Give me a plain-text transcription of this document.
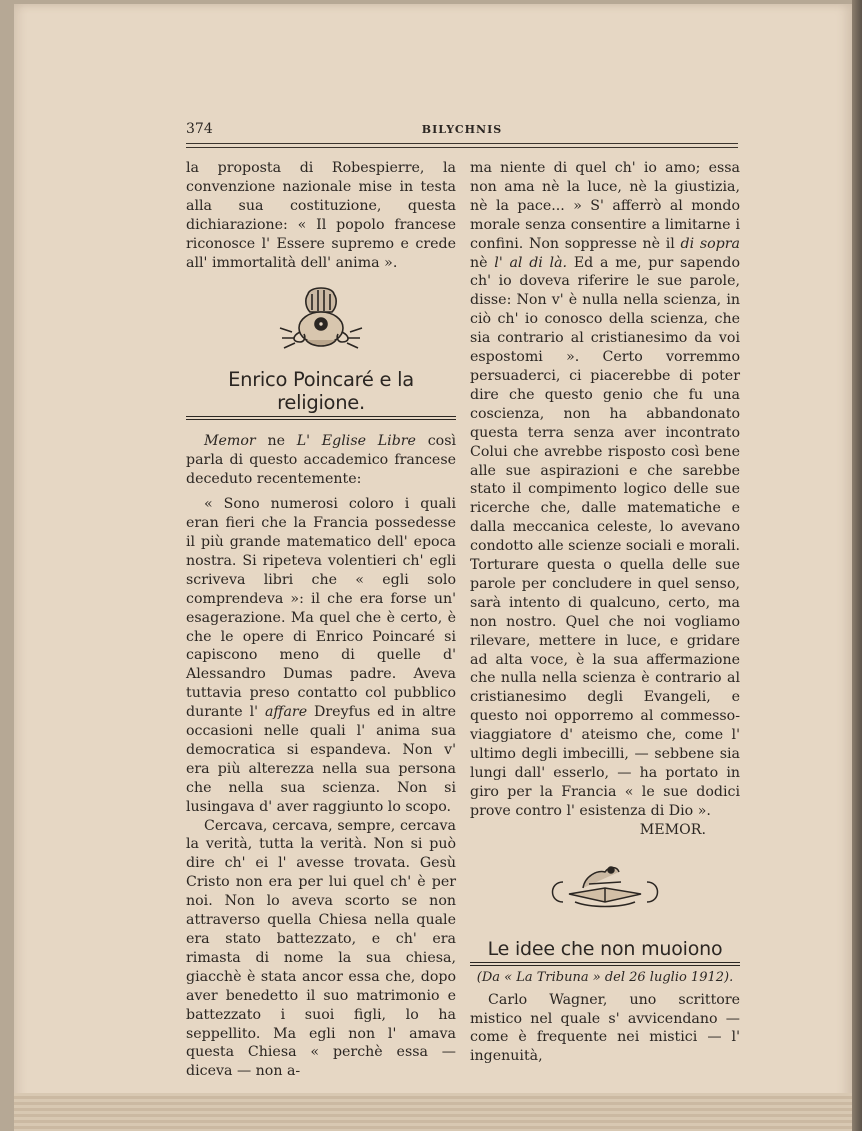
374	BILYCHNIS

la proposta di Robespierre, la convenzione nazionale mise in testa alla sua costituzione, questa dichiarazione: « Il popolo francese riconosce l' Essere supremo e crede all' immortalità dell' anima ».

Enrico Poincaré e la religione.

Memor ne L' Eglise Libre così parla di questo accademico francese deceduto recentemente:

« Sono numerosi coloro i quali eran fieri che la Francia possedesse il più grande matematico dell' epoca nostra. Si ripeteva volentieri ch' egli scriveva libri che « egli solo comprendeva »: il che era forse un' esagerazione. Ma quel che è certo, è che le opere di Enrico Poincaré si capiscono meno di quelle d' Alessandro Dumas padre. Aveva tuttavia preso contatto col pubblico durante l' affare Dreyfus ed in altre occasioni nelle quali l' anima sua democratica si espandeva. Non v' era più alterezza nella sua persona che nella sua scienza. Non si lusingava d' aver raggiunto lo scopo.

Cercava, cercava, sempre, cercava la verità, tutta la verità. Non si può dire ch' ei l' avesse trovata. Gesù Cristo non era per lui quel ch' è per noi. Non lo aveva scorto se non attraverso quella Chiesa nella quale era stato battezzato, e ch' era rimasta di nome la sua chiesa, giacchè è stata ancor essa che, dopo aver benedetto il suo matrimonio e battezzato i suoi figli, lo ha seppellito. Ma egli non l' amava questa Chiesa « perchè essa — diceva — non a-

ma niente di quel ch' io amo; essa non ama nè la luce, nè la giustizia, nè la pace... » S' afferrò al mondo morale senza consentire a limitarne i confini. Non soppresse nè il di sopra nè l' al di là. Ed a me, pur sapendo ch' io doveva riferire le sue parole, disse: Non v' è nulla nella scienza, in ciò ch' io conosco della scienza, che sia contrario al cristianesimo da voi espostomi ». Certo vorremmo persuaderci, ci piacerebbe di poter dire che questo genio che fu una coscienza, non ha abbandonato questa terra senza aver incontrato Colui che avrebbe risposto così bene alle sue aspirazioni e che sarebbe stato il compimento logico delle sue ricerche che, dalle matematiche e dalla meccanica celeste, lo avevano condotto alle scienze sociali e morali. Torturare questa o quella delle sue parole per concludere in quel senso, sarà intento di qualcuno, certo, ma non nostro. Quel che noi vogliamo rilevare, mettere in luce, e gridare ad alta voce, è la sua affermazione che nulla nella scienza è contrario al cristianesimo degli Evangeli, e questo noi opporremo al commesso-viaggiatore d' ateismo che, come l' ultimo degli imbecilli, — sebbene sia lungi dall' esserlo, — ha portato in giro per la Francia « le sue dodici prove contro l' esistenza di Dio ».

MEMOR.

Le idee che non muoiono
(Da « La Tribuna » del 26 luglio 1912).

Carlo Wagner, uno scrittore mistico nel quale s' avvicendano — come è frequente nei mistici — l' ingenuità,
